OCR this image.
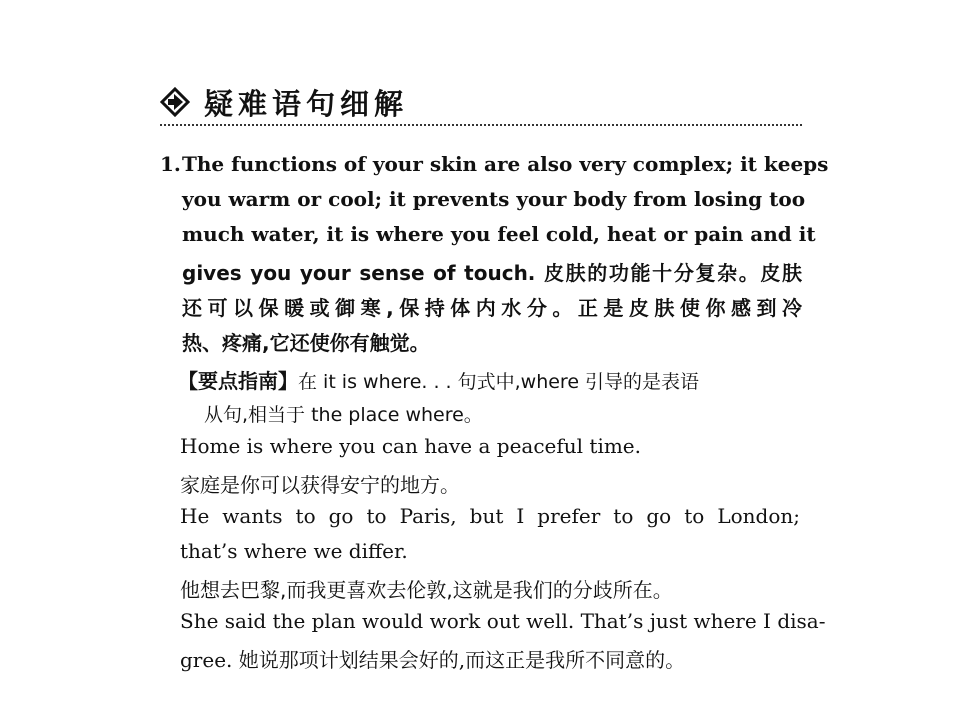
疑难语句细解
1. The functions of your skin are also very complex; it keeps
you warm or cool; it prevents your body from losing too
much water, it is where you feel cold, heat or pain and it
gives you your sense of touch. 皮肤的功能十分复杂。皮肤
还可以保暖或御寒,保持体内水分。正是皮肤使你感到冷
热、疼痛,它还使你有触觉。
【要点指南】在 it is where. . . 句式中,where 引导的是表语
从句,相当于 the place where。
Home is where you can have a peaceful time.
家庭是你可以获得安宁的地方。
He wants to go to Paris, but I prefer to go to London;
that’s where we differ.
他想去巴黎,而我更喜欢去伦敦,这就是我们的分歧所在。
She said the plan would work out well. That’s just where I disa-
gree. 她说那项计划结果会好的,而这正是我所不同意的。
